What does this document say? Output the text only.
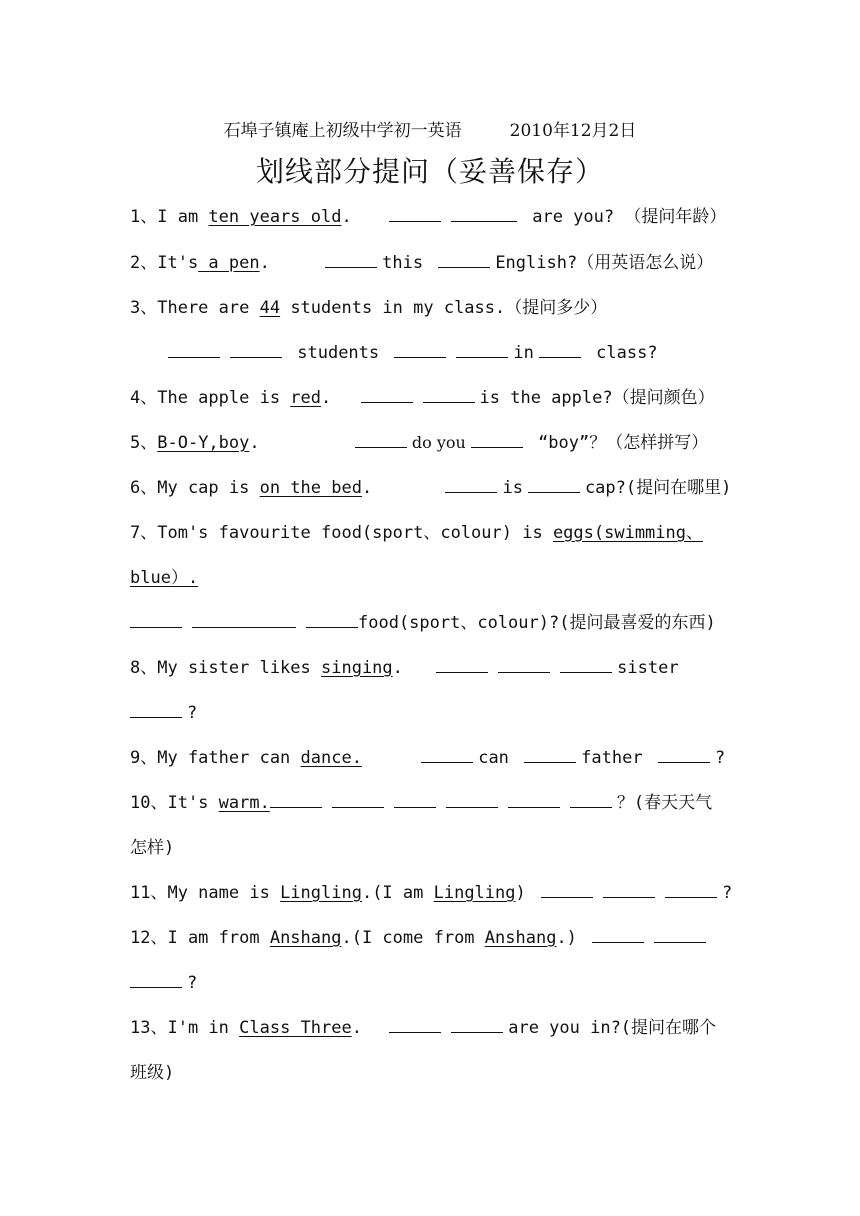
石埠子镇庵上初级中学初一英语	2010年12月2日
划线部分提问（妥善保存）
1、I am ten years old.	are you? （提问年龄）
2、It's a pen.	this	English?（用英语怎么说）
3、There are 44 students in my class.（提问多少）
students	in	class?
4、The apple is red.	is the apple?（提问颜色）
5、B-O-Y,boy.	do you	“boy”？（怎样拼写）
6、My cap is on the bed.	is	cap?(提问在哪里)
7、Tom's favourite food(sport、colour) is eggs(swimming、
blue）.
food(sport、colour)?(提问最喜爱的东西)
8、My sister likes singing.	sister
?
9、My father can dance.	can	father	?
10、It's warm.	？(春天天气
怎样)
11、My name is Lingling.(I am Lingling)	?
12、I am from Anshang.(I come from Anshang.)
?
13、I'm in Class Three.	are you in?(提问在哪个
班级)
